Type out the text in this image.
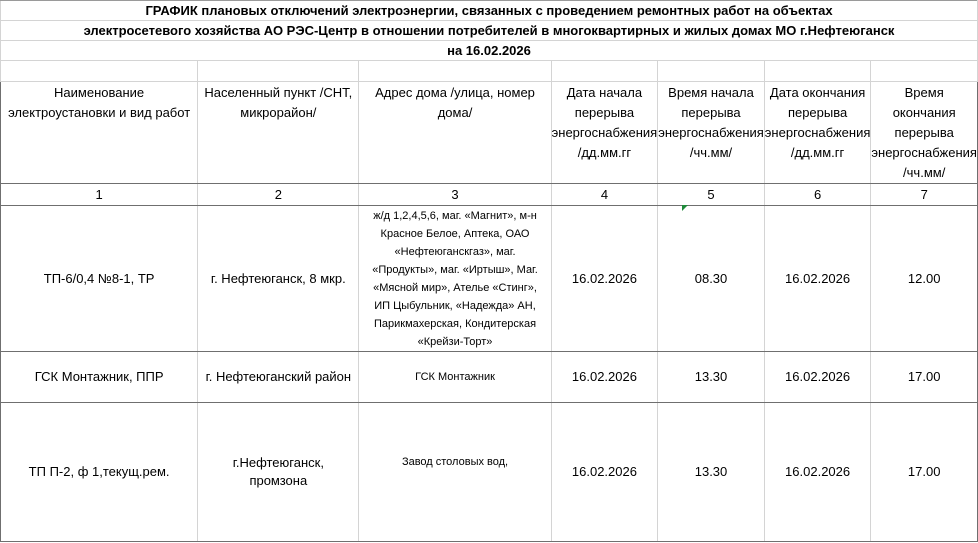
ГРАФИК плановых отключений электроэнергии, связанных с проведением ремонтных работ на объектах						
электросетевого хозяйства АО РЭС-Центр в отношении потребителей в многоквартирных и жилых домах МО г.Нефтеюганск						
на 16.02.2026						

Наименование электроустановки и вид работ	Населенный пункт /СНТ, микрорайон/	Адрес дома /улица, номер дома/	Дата начала перерыва энергоснабжения /дд.мм.гг	Время начала перерыва энергоснабжения /чч.мм/	Дата окончания перерыва энергоснабжения /дд.мм.гг	Время окончания перерыва энергоснабжения /чч.мм/
1	2	3	4	5	6	7
ТП-6/0,4 №8-1, ТР	г. Нефтеюганск, 8 мкр.	ж/д 1,2,4,5,6, маг. «Магнит», м-н Красное Белое, Аптека, ОАО «Нефтеюганскгаз», маг. «Продукты», маг. «Иртыш», Маг. «Мясной мир», Ателье «Стинг», ИП Цыбульник, «Надежда» АН, Парикмахерская, Кондитерская «Крейзи-Торт»	16.02.2026	08.30	16.02.2026	12.00
ГСК Монтажник, ППР	г. Нефтеюганский район	ГСК Монтажник	16.02.2026	13.30	16.02.2026	17.00
ТП П-2, ф 1,текущ.рем.	г.Нефтеюганск, промзона	Завод столовых вод,	16.02.2026	13.30	16.02.2026	17.00
